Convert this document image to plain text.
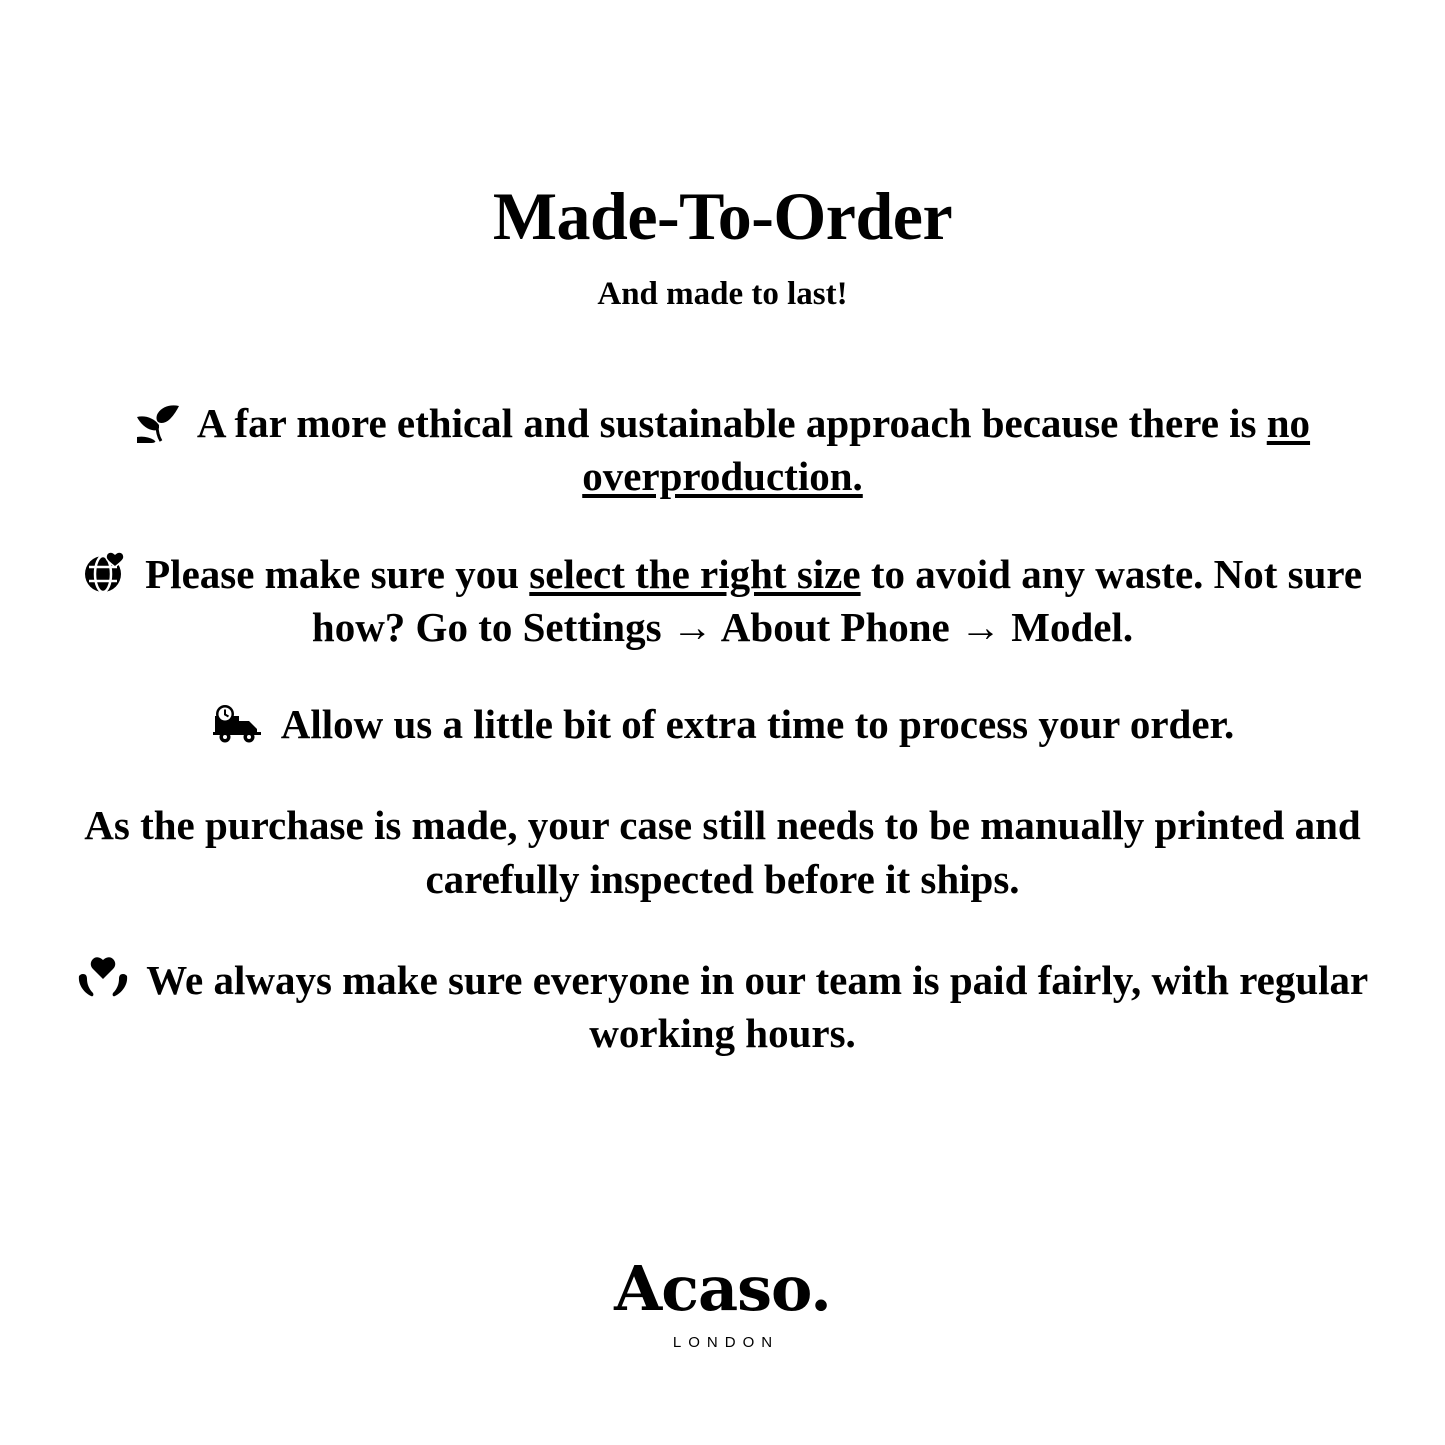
Made-To-Order
And made to last!
A far more ethical and sustainable approach because there is no overproduction.
Please make sure you select the right size to avoid any waste. Not sure how? Go to Settings → About Phone → Model.
Allow us a little bit of extra time to process your order.
As the purchase is made, your case still needs to be manually printed and carefully inspected before it ships.
We always make sure everyone in our team is paid fairly, with regular working hours.
Acaso.
LONDON
